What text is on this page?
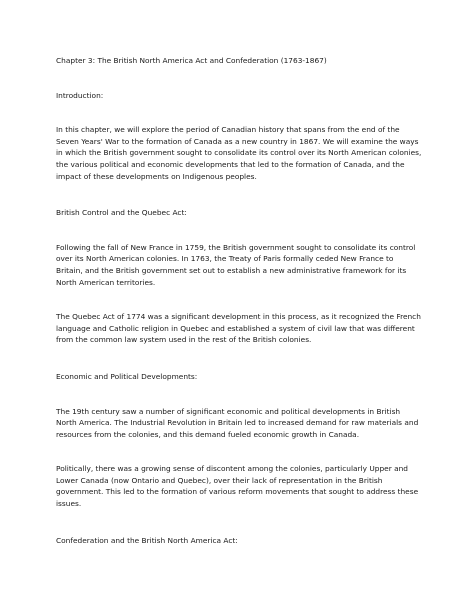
Chapter 3: The British North America Act and Confederation (1763-1867)

Introduction:

In this chapter, we will explore the period of Canadian history that spans from the end of the Seven Years' War to the formation of Canada as a new country in 1867. We will examine the ways in which the British government sought to consolidate its control over its North American colonies, the various political and economic developments that led to the formation of Canada, and the impact of these developments on Indigenous peoples.

British Control and the Quebec Act:

Following the fall of New France in 1759, the British government sought to consolidate its control over its North American colonies. In 1763, the Treaty of Paris formally ceded New France to Britain, and the British government set out to establish a new administrative framework for its North American territories.

The Quebec Act of 1774 was a significant development in this process, as it recognized the French language and Catholic religion in Quebec and established a system of civil law that was different from the common law system used in the rest of the British colonies.

Economic and Political Developments:

The 19th century saw a number of significant economic and political developments in British North America. The Industrial Revolution in Britain led to increased demand for raw materials and resources from the colonies, and this demand fueled economic growth in Canada.

Politically, there was a growing sense of discontent among the colonies, particularly Upper and Lower Canada (now Ontario and Quebec), over their lack of representation in the British government. This led to the formation of various reform movements that sought to address these issues.

Confederation and the British North America Act:
